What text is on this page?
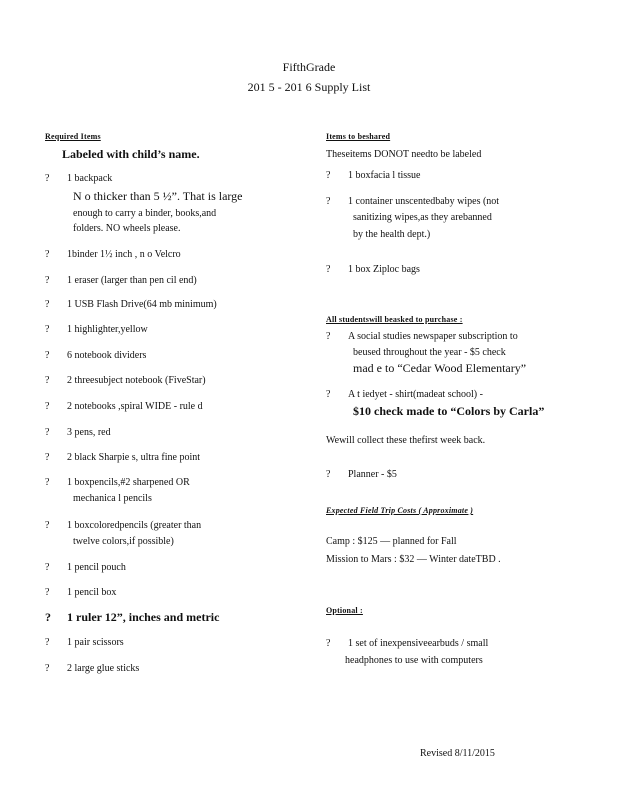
FifthGrade
201 5 - 201 6 Supply List
Required Items
Labeled with child’s name.
? 1 backpack
N o thicker than 5 ½”. That is large
enough to carry a binder, books,and
folders. NO wheels please.
? 1binder 1½ inch , n o Velcro
? 1 eraser (larger than pen cil end)
? 1 USB Flash Drive(64 mb minimum)
? 1 highlighter,yellow
? 6 notebook dividers
? 2 threesubject notebook (FiveStar)
? 2 notebooks ,spiral WIDE - rule d
? 3 pens, red
? 2 black Sharpie s, ultra fine point
? 1 boxpencils,#2 sharpened OR
mechanica l pencils
? 1 boxcoloredpencils (greater than
twelve colors,if possible)
? 1 pencil pouch
? 1 pencil box
? 1 ruler 12”, inches and metric
? 1 pair scissors
? 2 large glue sticks
Items to beshared
Theseitems DONOT needto be labeled
? 1 boxfacia l tissue
? 1 container unscentedbaby wipes (not
sanitizing wipes,as they arebanned
by the health dept.)
? 1 box Ziploc bags
All studentswill beasked to purchase :
? A social studies newspaper subscription to
beused throughout the year - $5 check
mad e to “Cedar Wood Elementary”
? A t iedyet - shirt(madeat school) -
$10 check made to “Colors by Carla”
Wewill collect these thefirst week back.
? Planner - $5
Expected Field Trip Costs ( Approximate )
Camp : $125 — planned for Fall
Mission to Mars : $32 — Winter dateTBD .
Optional :
? 1 set of inexpensiveearbuds / small
headphones to use with computers
Revised 8/11/2015
